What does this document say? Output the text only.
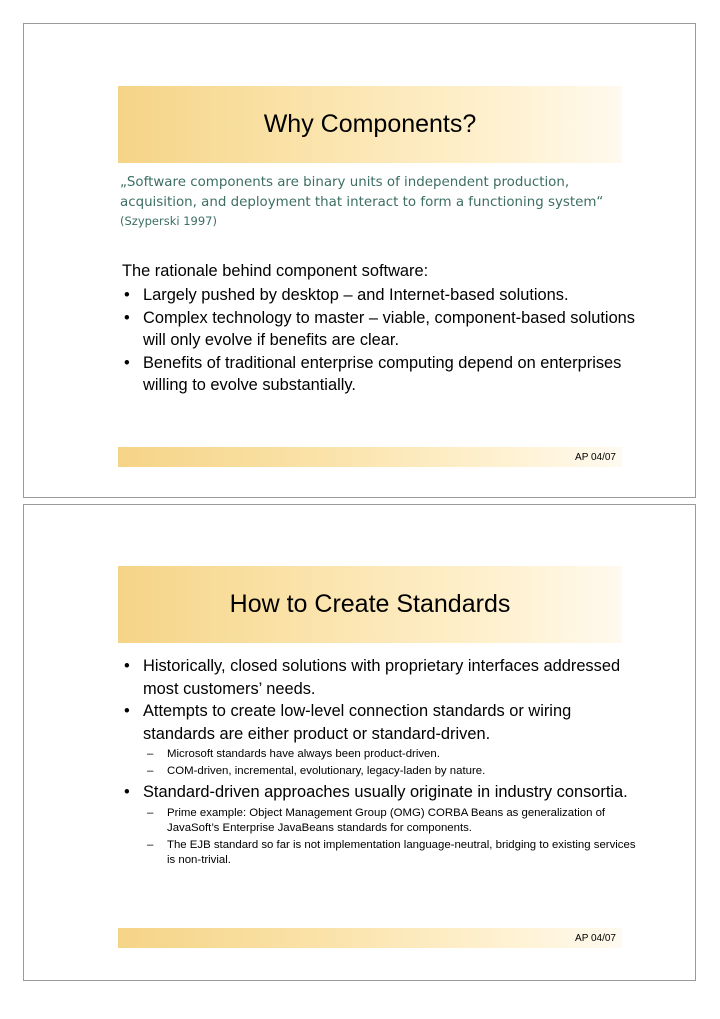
Why Components?
„Software components are binary units of independent production, acquisition, and deployment that interact to form a functioning system“ (Szyperski 1997)
The rationale behind component software:
• Largely pushed by desktop – and Internet-based solutions.
• Complex technology to master – viable, component-based solutions will only evolve if benefits are clear.
• Benefits of traditional enterprise computing depend on enterprises willing to evolve substantially.
AP 04/07
How to Create Standards
• Historically, closed solutions with proprietary interfaces addressed most customers’ needs.
• Attempts to create low-level connection standards or wiring standards are either product or standard-driven.
– Microsoft standards have always been product-driven.
– COM-driven, incremental, evolutionary, legacy-laden by nature.
• Standard-driven approaches usually originate in industry consortia.
– Prime example: Object Management Group (OMG) CORBA Beans as generalization of JavaSoft’s Enterprise JavaBeans standards for components.
– The EJB standard so far is not implementation language-neutral, bridging to existing services is non-trivial.
AP 04/07
